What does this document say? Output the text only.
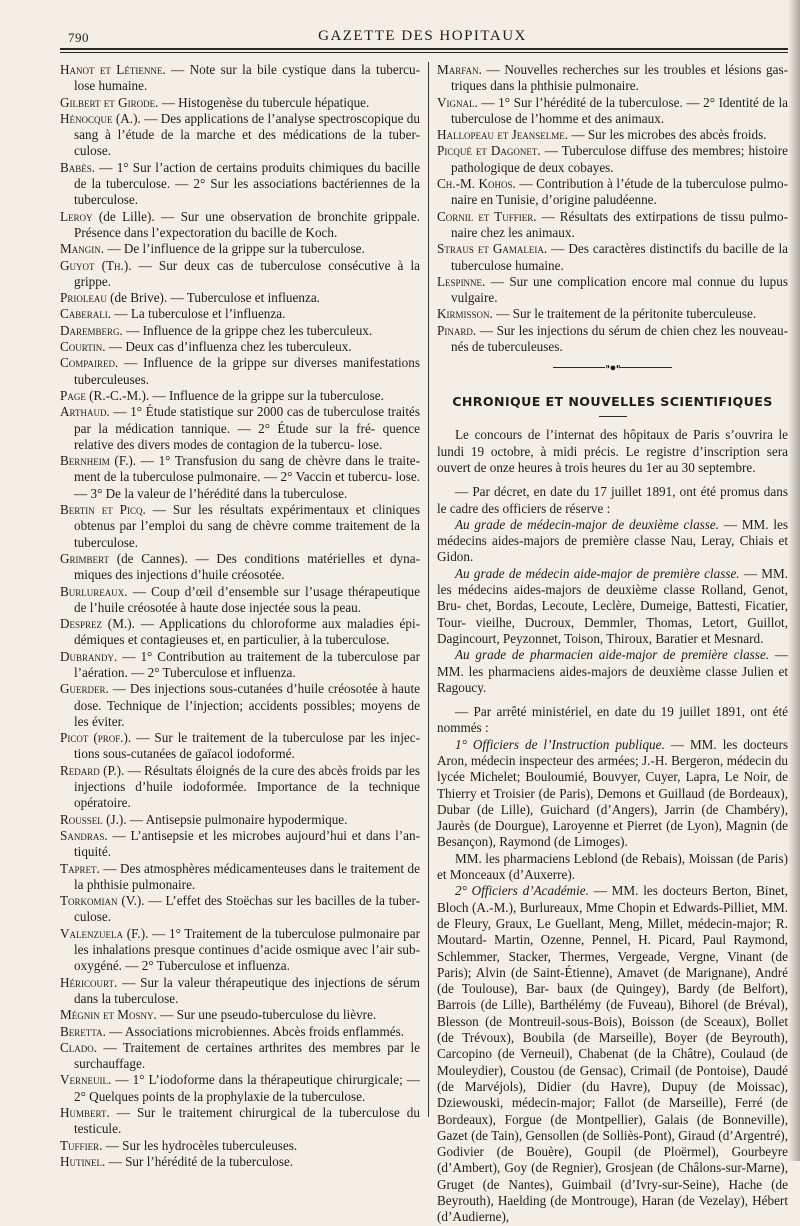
790	GAZETTE DES HOPITAUX

Hanot et Létienne. — Note sur la bile cystique dans la tubercu- lose humaine.

Gilbert et Girode. — Histogenèse du tubercule hépatique.

Hénocque (A.). — Des applications de l’analyse spectroscopique du sang à l’étude de la marche et des médications de la tuber- culose.

Babès. — 1° Sur l’action de certains produits chimiques du bacille de la tuberculose. — 2° Sur les associations bactériennes de la tuberculose.

Leroy (de Lille). — Sur une observation de bronchite grippale. Présence dans l’expectoration du bacille de Koch.

Mangin. — De l’influence de la grippe sur la tuberculose.

Guyot (Th.). — Sur deux cas de tuberculose consécutive à la grippe.

Prioleau (de Brive). — Tuberculose et influenza.

Caberali. — La tuberculose et l’influenza.

Daremberg. — Influence de la grippe chez les tuberculeux.

Courtin. — Deux cas d’influenza chez les tuberculeux.

Compaired. — Influence de la grippe sur diverses manifestations tuberculeuses.

Page (R.-C.-M.). — Influence de la grippe sur la tuberculose.

Arthaud. — 1° Étude statistique sur 2000 cas de tuberculose traités par la médication tannique. — 2° Étude sur la fré- quence relative des divers modes de contagion de la tubercu- lose.

Bernheim (F.). — 1° Transfusion du sang de chèvre dans le traite- ment de la tuberculose pulmonaire. — 2° Vaccin et tubercu- lose. — 3° De la valeur de l’hérédité dans la tuberculose.

Bertin et Picq. — Sur les résultats expérimentaux et cliniques obtenus par l’emploi du sang de chèvre comme traitement de la tuberculose.

Grimbert (de Cannes). — Des conditions matérielles et dyna- miques des injections d’huile créosotée.

Burlureaux. — Coup d’œil d’ensemble sur l’usage thérapeutique de l’huile créosotée à haute dose injectée sous la peau.

Desprez (M.). — Applications du chloroforme aux maladies épi- démiques et contagieuses et, en particulier, à la tuberculose.

Dubrandy. — 1° Contribution au traitement de la tuberculose par l’aération. — 2° Tuberculose et influenza.

Guerder. — Des injections sous-cutanées d’huile créosotée à haute dose. Technique de l’injection; accidents possibles; moyens de les éviter.

Picot (prof.). — Sur le traitement de la tuberculose par les injec- tions sous-cutanées de gaïacol iodoformé.

Redard (P.). — Résultats éloignés de la cure des abcès froids par les injections d’huile iodoformée. Importance de la technique opératoire.

Roussel (J.). — Antisepsie pulmonaire hypodermique.

Sandras. — L’antisepsie et les microbes aujourd’hui et dans l’an- tiquité.

Tapret. — Des atmosphères médicamenteuses dans le traitement de la phthisie pulmonaire.

Torkomian (V.). — L’effet des Stoëchas sur les bacilles de la tuber- culose.

Valenzuela (F.). — 1° Traitement de la tuberculose pulmonaire par les inhalations presque continues d’acide osmique avec l’air sub-oxygéné. — 2° Tuberculose et influenza.

Héricourt. — Sur la valeur thérapeutique des injections de sérum dans la tuberculose.

Mégnin et Mosny. — Sur une pseudo-tuberculose du lièvre.

Beretta. — Associations microbiennes. Abcès froids enflammés.

Clado. — Traitement de certaines arthrites des membres par le surchauffage.

Verneuil. — 1° L’iodoforme dans la thérapeutique chirurgicale; — 2° Quelques points de la prophylaxie de la tuberculose.

Humbert. — Sur le traitement chirurgical de la tuberculose du testicule.

Tuffier. — Sur les hydrocèles tuberculeuses.

Hutinel. — Sur l’hérédité de la tuberculose.

Marfan. — Nouvelles recherches sur les troubles et lésions gas- triques dans la phthisie pulmonaire.

Vignal. — 1° Sur l’hérédité de la tuberculose. — 2° Identité de la tuberculose de l’homme et des animaux.

Hallopeau et Jeanselme. — Sur les microbes des abcès froids.

Picqué et Dagonet. — Tuberculose diffuse des membres; histoire pathologique de deux cobayes.

Ch.-M. Kohos. — Contribution à l’étude de la tuberculose pulmo- naire en Tunisie, d’origine paludéenne.

Cornil et Tuffier. — Résultats des extirpations de tissu pulmo- naire chez les animaux.

Straus et Gamaleia. — Des caractères distinctifs du bacille de la tuberculose humaine.

Lespinne. — Sur une complication encore mal connue du lupus vulgaire.

Kirmisson. — Sur le traitement de la péritonite tuberculeuse.

Pinard. — Sur les injections du sérum de chien chez les nouveau- nés de tuberculeuses.

⁍●⁌
CHRONIQUE ET NOUVELLES SCIENTIFIQUES

Le concours de l’internat des hôpitaux de Paris s’ouvrira le lundi 19 octobre, à midi précis. Le registre d’inscription sera ouvert de onze heures à trois heures du 1er au 30 septembre.

— Par décret, en date du 17 juillet 1891, ont été promus dans le cadre des officiers de réserve :

Au grade de médecin-major de deuxième classe. — MM. les médecins aides-majors de première classe Nau, Leray, Chiais et Gidon.

Au grade de médecin aide-major de première classe. — MM. les médecins aides-majors de deuxième classe Rolland, Genot, Bru- chet, Bordas, Lecoute, Leclère, Dumeige, Battesti, Ficatier, Tour- vieilhe, Ducroux, Demmler, Thomas, Letort, Guillot, Dagincourt, Peyzonnet, Toison, Thiroux, Baratier et Mesnard.

Au grade de pharmacien aide-major de première classe. — MM. les pharmaciens aides-majors de deuxième classe Julien et Ragoucy.

— Par arrêté ministériel, en date du 19 juillet 1891, ont été nommés :

1° Officiers de l’Instruction publique. — MM. les docteurs Aron, médecin inspecteur des armées; J.-H. Bergeron, médecin du lycée Michelet; Bouloumié, Bouvyer, Cuyer, Lapra, Le Noir, de Thierry et Troisier (de Paris), Demons et Guillaud (de Bordeaux), Dubar (de Lille), Guichard (d’Angers), Jarrin (de Chambéry), Jaurès (de Dourgue), Laroyenne et Pierret (de Lyon), Magnin (de Besançon), Raymond (de Limoges).

MM. les pharmaciens Leblond (de Rebais), Moissan (de Paris) et Monceaux (d’Auxerre).

2° Officiers d’Académie. — MM. les docteurs Berton, Binet, Bloch (A.-M.), Burlureaux, Mme Chopin et Edwards-Pilliet, MM. de Fleury, Graux, Le Guellant, Meng, Millet, médecin-major; R. Moutard- Martin, Ozenne, Pennel, H. Picard, Paul Raymond, Schlemmer, Stacker, Thermes, Vergeade, Vergne, Vinant (de Paris); Alvin (de Saint-Étienne), Amavet (de Marignane), André (de Toulouse), Bar- baux (de Quingey), Bardy (de Belfort), Barrois (de Lille), Barthélémy (de Fuveau), Bihorel (de Bréval), Blesson (de Montreuil-sous-Bois), Boisson (de Sceaux), Bollet (de Trévoux), Boubila (de Marseille), Boyer (de Beyrouth), Carcopino (de Verneuil), Chabenat (de la Châtre), Coulaud (de Mouleydier), Coustou (de Gensac), Crimail (de Pontoise), Daudé (de Marvéjols), Didier (du Havre), Dupuy (de Moissac), Dziewouski, médecin-major; Fallot (de Marseille), Ferré (de Bordeaux), Forgue (de Montpellier), Galais (de Bonneville), Gazet (de Tain), Gensollen (de Solliès-Pont), Giraud (d’Argentré), Godivier (de Bouère), Goupil (de Ploërmel), Gourbeyre (d’Ambert), Goy (de Regnier), Grosjean (de Châlons-sur-Marne), Gruget (de Nantes), Guimbail (d’Ivry-sur-Seine), Hache (de Beyrouth), Haelding (de Montrouge), Haran (de Vezelay), Hébert (d’Audierne),
